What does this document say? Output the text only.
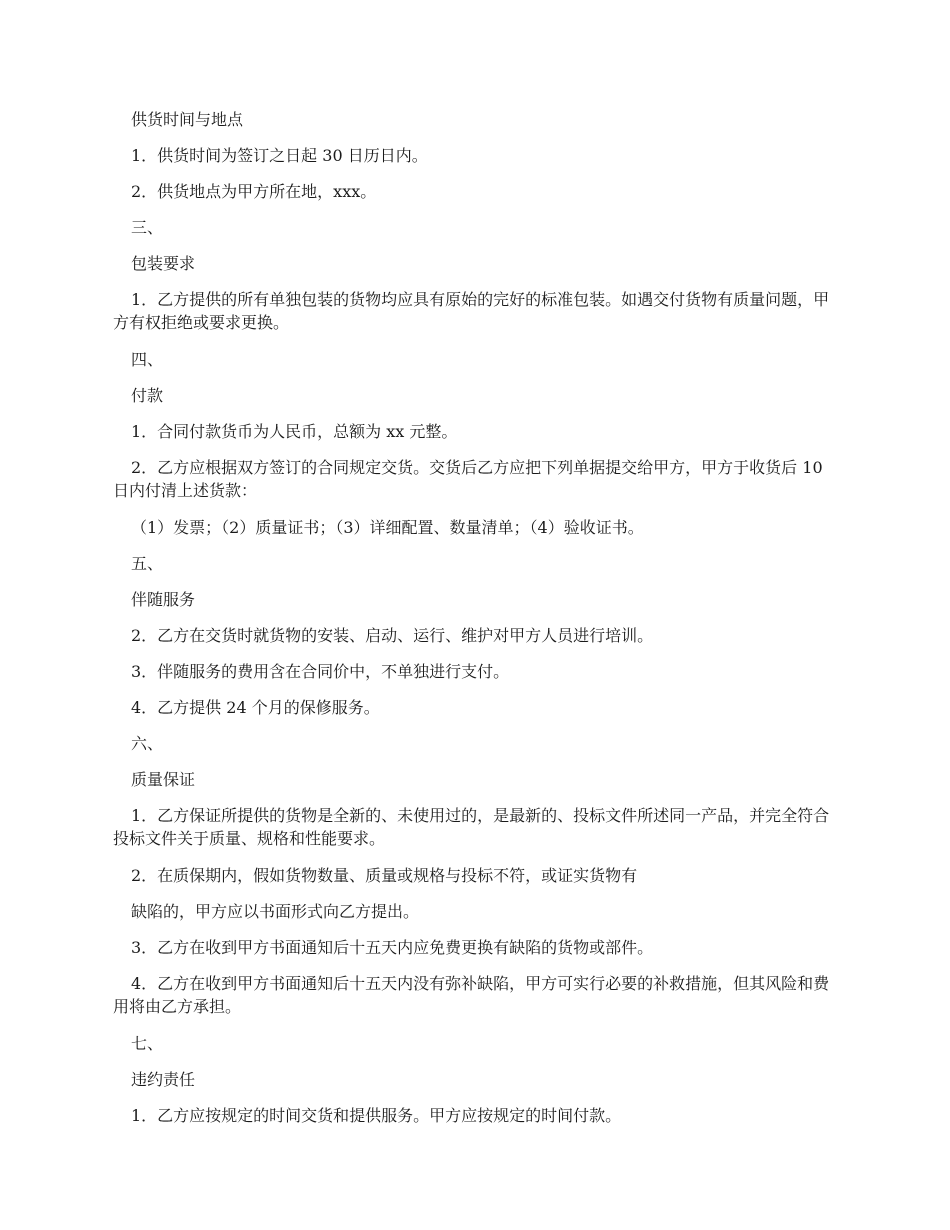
供货时间与地点

1．供货时间为签订之日起 30 日历日内。

2．供货地点为甲方所在地，xxx。

三、

包装要求

1．乙方提供的所有单独包装的货物均应具有原始的完好的标准包装。如遇交付货物有质量问题，甲方有权拒绝或要求更换。

四、

付款

1．合同付款货币为人民币，总额为 xx 元整。

2．乙方应根据双方签订的合同规定交货。交货后乙方应把下列单据提交给甲方，甲方于收货后 10 日内付清上述货款：

（1）发票；（2）质量证书；（3）详细配置、数量清单；（4）验收证书。

五、

伴随服务

2．乙方在交货时就货物的安装、启动、运行、维护对甲方人员进行培训。

3．伴随服务的费用含在合同价中，不单独进行支付。

4．乙方提供 24 个月的保修服务。

六、

质量保证

1．乙方保证所提供的货物是全新的、未使用过的，是最新的、投标文件所述同一产品，并完全符合投标文件关于质量、规格和性能要求。

2．在质保期内，假如货物数量、质量或规格与投标不符，或证实货物有

缺陷的，甲方应以书面形式向乙方提出。

3．乙方在收到甲方书面通知后十五天内应免费更换有缺陷的货物或部件。

4．乙方在收到甲方书面通知后十五天内没有弥补缺陷，甲方可实行必要的补救措施，但其风险和费用将由乙方承担。

七、

违约责任

1．乙方应按规定的时间交货和提供服务。甲方应按规定的时间付款。
